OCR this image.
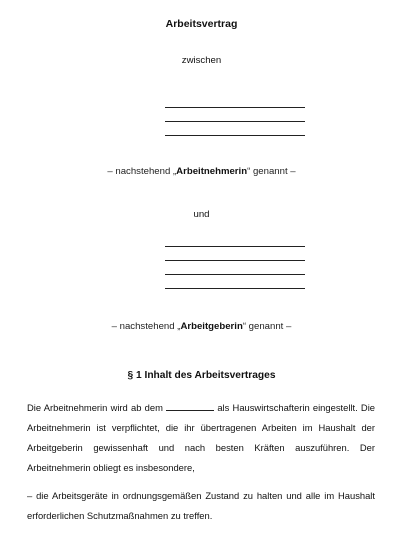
Arbeitsvertrag
zwischen
– nachstehend „Arbeitnehmerin“ genannt –
und
– nachstehend „Arbeitgeberin“ genannt –
§ 1 Inhalt des Arbeitsvertrages
Die Arbeitnehmerin wird ab dem	als Hauswirtschafterin eingestellt. Die Arbeitnehmerin ist verpflichtet, die ihr übertragenen Arbeiten im Haushalt der Arbeitgeberin gewissenhaft und nach besten Kräften auszuführen. Der Arbeitnehmerin obliegt es insbesondere,
– die Arbeitsgeräte in ordnungsgemäßen Zustand zu halten und alle im Haushalt erforderlichen Schutzmaßnahmen zu treffen.
